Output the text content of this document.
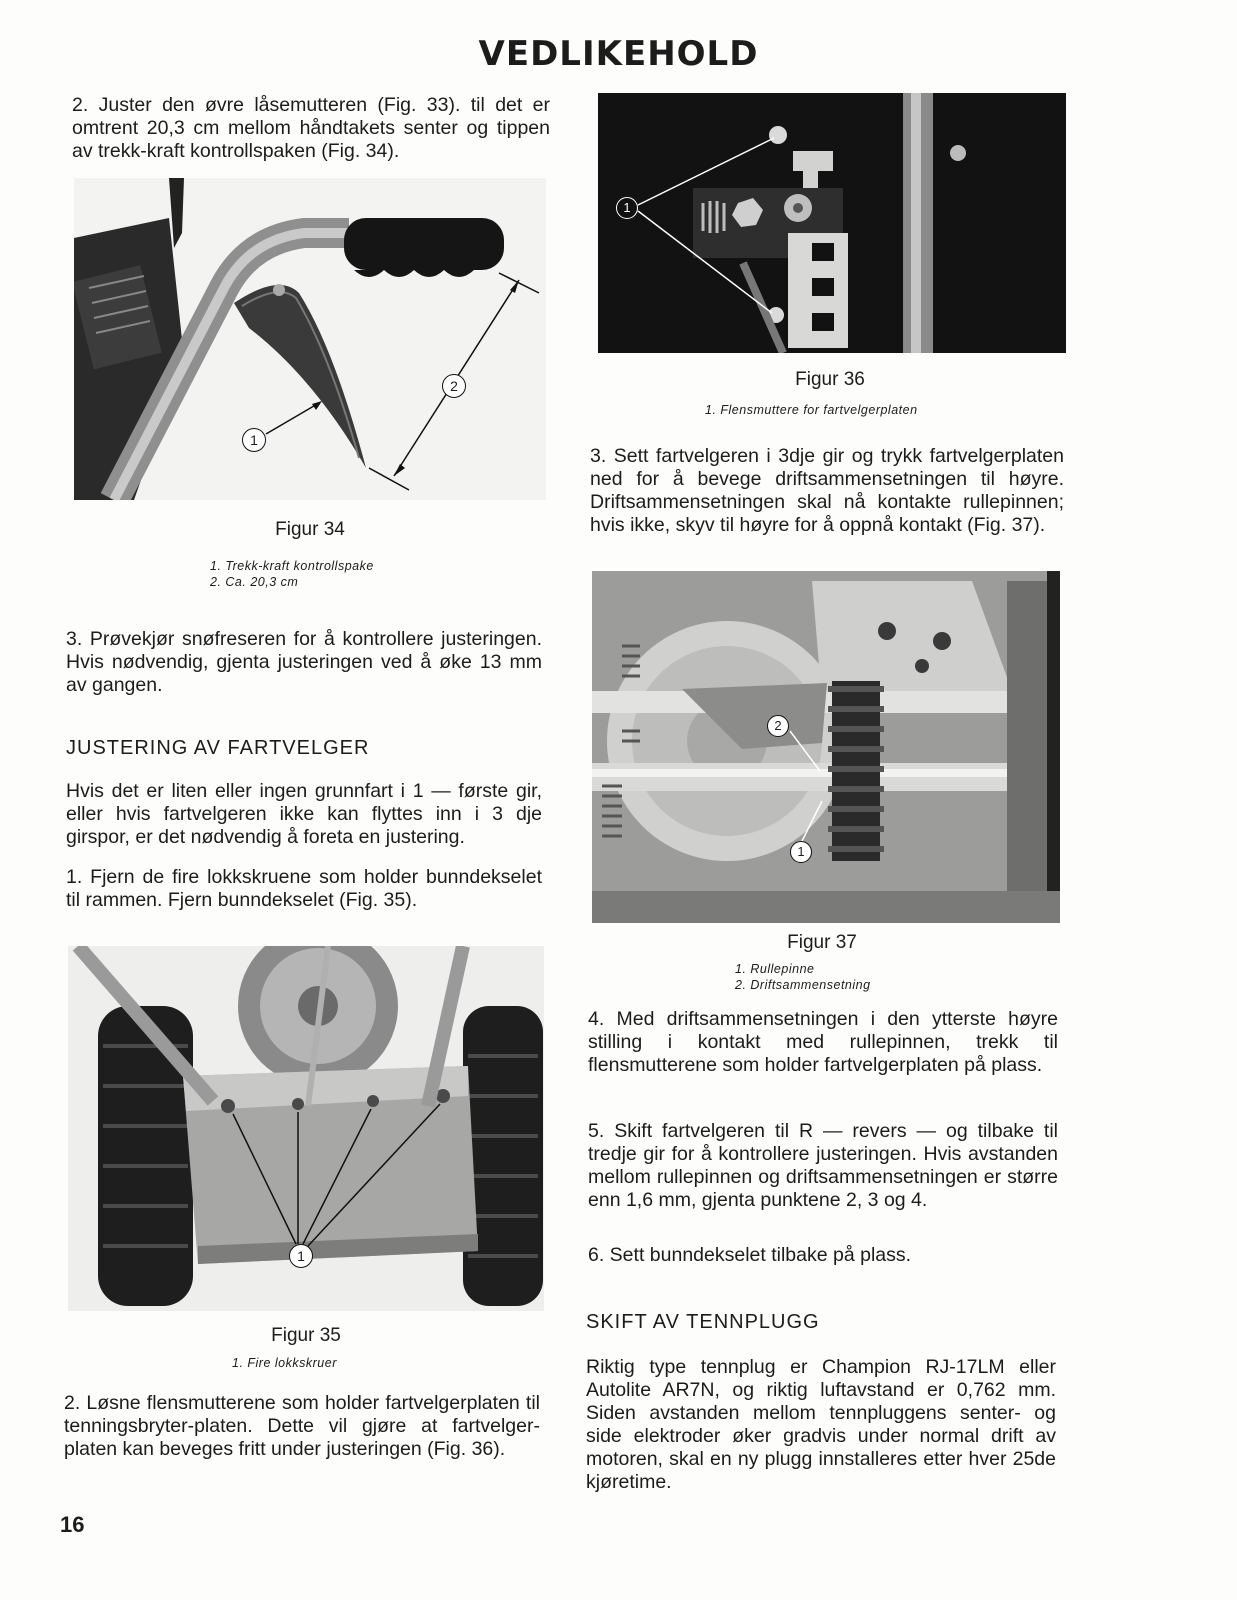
VEDLIKEHOLD
2. Juster den øvre låsemutteren (Fig. 33). til det er omtrent 20,3 cm mellom håndtakets senter og tippen av trekk-kraft kontrollspaken (Fig. 34).
1
2
Figur 34
1. Trekk-kraft kontrollspake
2. Ca. 20,3 cm
3. Prøvekjør snøfreseren for å kontrollere justeringen. Hvis nødvendig, gjenta justeringen ved å øke 13 mm av gangen.
JUSTERING AV FARTVELGER
Hvis det er liten eller ingen grunnfart i 1 — første gir, eller hvis fartvelgeren ikke kan flyttes inn i 3 dje girspor, er det nødvendig å foreta en justering.
1. Fjern de fire lokkskruene som holder bunndekselet til rammen. Fjern bunndekselet (Fig. 35).
1
Figur 35
1. Fire lokkskruer
2. Løsne flensmutterene som holder fartvelgerplaten til tenningsbryter-platen. Dette vil gjøre at fartvelger-platen kan beveges fritt under justeringen (Fig. 36).
16
1
Figur 36
1. Flensmuttere for fartvelgerplaten
3. Sett fartvelgeren i 3dje gir og trykk fartvelgerplaten ned for å bevege driftsammensetningen til høyre. Driftsammensetningen skal nå kontakte rullepinnen; hvis ikke, skyv til høyre for å oppnå kontakt (Fig. 37).
2
1
Figur 37
1. Rullepinne
2. Driftsammensetning
4. Med driftsammensetningen i den ytterste høyre stilling i kontakt med rullepinnen, trekk til flensmutterene som holder fartvelgerplaten på plass.
5. Skift fartvelgeren til R — revers — og tilbake til tredje gir for å kontrollere justeringen. Hvis avstanden mellom rullepinnen og driftsammensetningen er større enn 1,6 mm, gjenta punktene 2, 3 og 4.
6. Sett bunndekselet tilbake på plass.
SKIFT AV TENNPLUGG
Riktig type tennplug er Champion RJ-17LM eller Autolite AR7N, og riktig luftavstand er 0,762 mm. Siden avstanden mellom tennpluggens senter- og side elektroder øker gradvis under normal drift av motoren, skal en ny plugg innstalleres etter hver 25de kjøretime.
